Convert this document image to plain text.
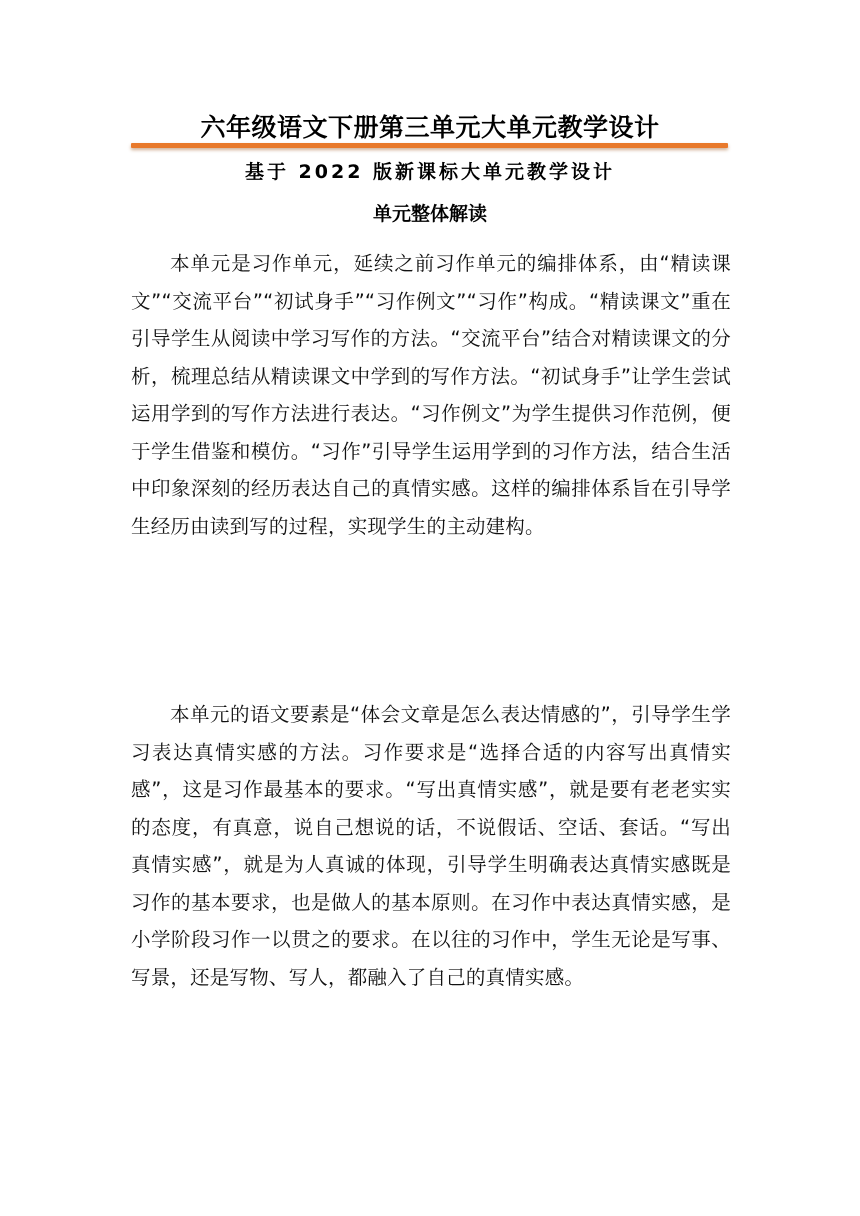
六年级语文下册第三单元大单元教学设计
基于 2022 版新课标大单元教学设计
单元整体解读

本单元是习作单元，延续之前习作单元的编排体系，由“精读课文”“交流平台”“初试身手”“习作例文”“习作”构成。“精读课文”重在引导学生从阅读中学习写作的方法。“交流平台”结合对精读课文的分析，梳理总结从精读课文中学到的写作方法。“初试身手”让学生尝试运用学到的写作方法进行表达。“习作例文”为学生提供习作范例，便于学生借鉴和模仿。“习作”引导学生运用学到的习作方法，结合生活中印象深刻的经历表达自己的真情实感。这样的编排体系旨在引导学生经历由读到写的过程，实现学生的主动建构。

本单元的语文要素是“体会文章是怎么表达情感的”，引导学生学习表达真情实感的方法。习作要求是“选择合适的内容写出真情实感”，这是习作最基本的要求。“写出真情实感”，就是要有老老实实的态度，有真意，说自己想说的话，不说假话、空话、套话。“写出真情实感”，就是为人真诚的体现，引导学生明确表达真情实感既是习作的基本要求，也是做人的基本原则。在习作中表达真情实感，是小学阶段习作一以贯之的要求。在以往的习作中，学生无论是写事、写景，还是写物、写人，都融入了自己的真情实感。
